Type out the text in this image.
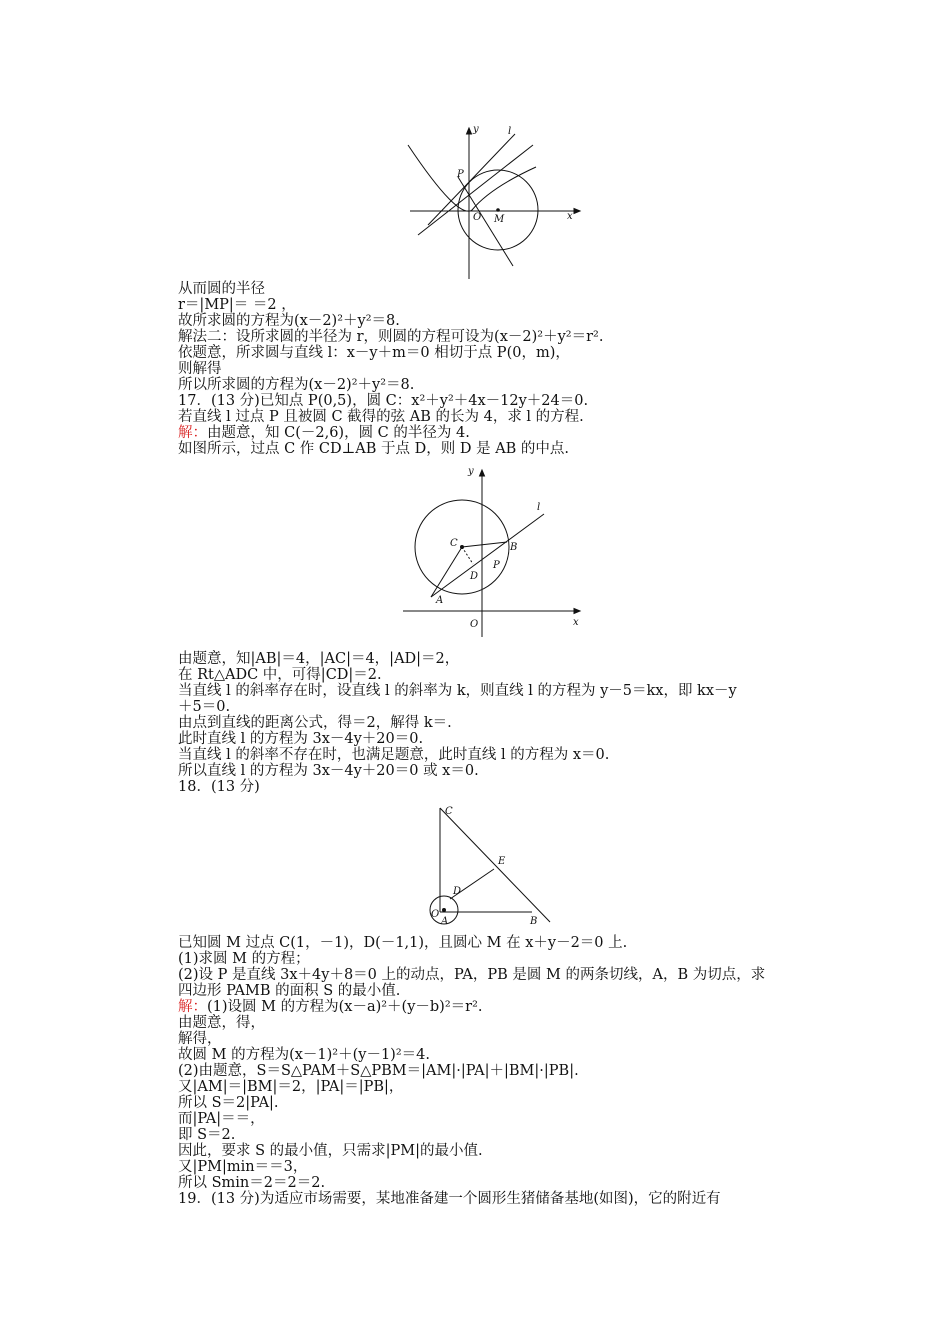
y	l
P
O M	x
从而圆的半径
r＝|MP|＝ ＝2 ，
故所求圆的方程为(x－2)²＋y²＝8.
解法二：设所求圆的半径为 r，则圆的方程可设为(x－2)²＋y²＝r².
依题意，所求圆与直线 l：x－y＋m＝0 相切于点 P(0，m)，
则解得
所以所求圆的方程为(x－2)²＋y²＝8.
17．(13 分)已知点 P(0,5)，圆 C：x²＋y²＋4x－12y＋24＝0.
若直线 l 过点 P 且被圆 C 截得的弦 AB 的长为 4，求 l 的方程.
解：由题意，知 C(－2,6)，圆 C 的半径为 4.
如图所示，过点 C 作 CD⊥AB 于点 D，则 D 是 AB 的中点.
y
l
C	B
D
P
A
O	x
由题意，知|AB|＝4，|AC|＝4，|AD|＝2，
在 Rt△ADC 中，可得|CD|＝2.
当直线 l 的斜率存在时，设直线 l 的斜率为 k，则直线 l 的方程为 y－5＝kx，即 kx－y
＋5＝0.
由点到直线的距离公式，得＝2，解得 k＝.
此时直线 l 的方程为 3x－4y＋20＝0.
当直线 l 的斜率不存在时，也满足题意，此时直线 l 的方程为 x＝0.
所以直线 l 的方程为 3x－4y＋20＝0 或 x＝0.
18．(13 分)
C
E
D
O
A	B
已知圆 M 过点 C(1，－1)，D(－1,1)，且圆心 M 在 x＋y－2＝0 上.
(1)求圆 M 的方程；
(2)设 P 是直线 3x＋4y＋8＝0 上的动点，PA，PB 是圆 M 的两条切线，A，B 为切点，求
四边形 PAMB 的面积 S 的最小值.
解：(1)设圆 M 的方程为(x－a)²＋(y－b)²＝r².
由题意，得，
解得，
故圆 M 的方程为(x－1)²＋(y－1)²＝4.
(2)由题意，S＝S△PAM＋S△PBM＝|AM|·|PA|＋|BM|·|PB|.
又|AM|＝|BM|＝2，|PA|＝|PB|，
所以 S＝2|PA|.
而|PA|＝＝，
即 S＝2.
因此，要求 S 的最小值，只需求|PM|的最小值.
又|PM|min＝＝3，
所以 Smin＝2＝2＝2.
19．(13 分)为适应市场需要，某地准备建一个圆形生猪储备基地(如图)，它的附近有
